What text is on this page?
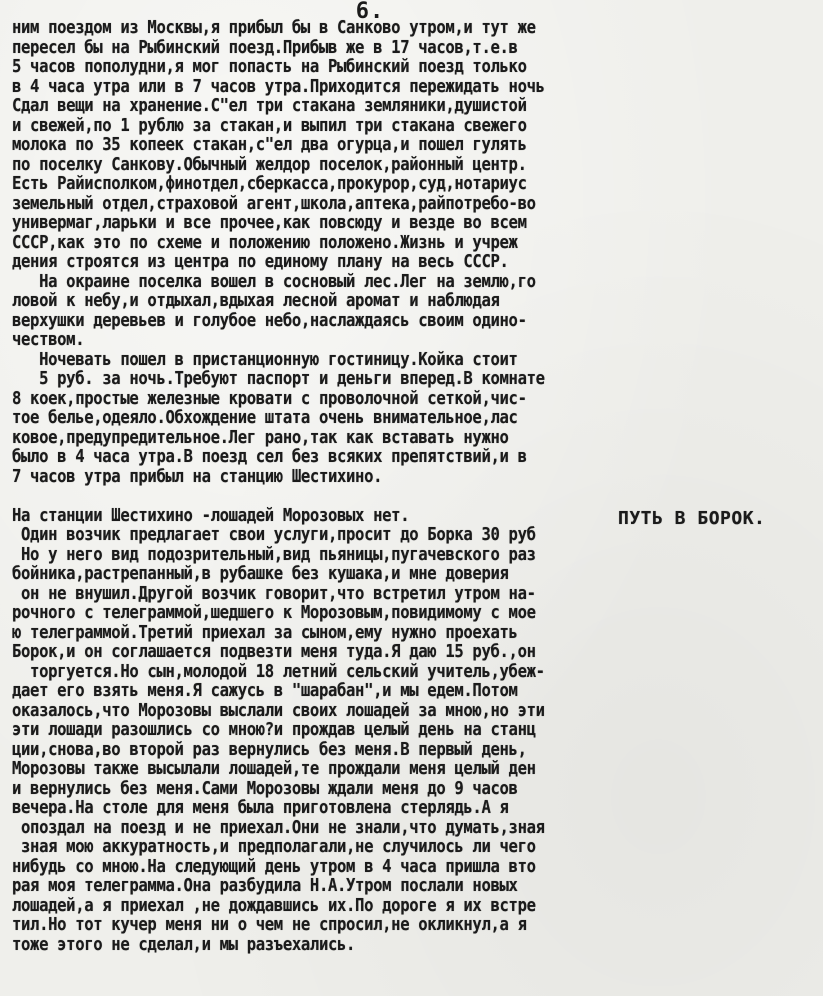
6.
ним поездом из Москвы,я прибыл бы в Санково утром,и тут же
пересел бы на Рыбинский поезд.Прибыв же в 17 часов,т.е.в
5 часов пополудни,я мог попасть на Рыбинский поезд только
в 4 часа утра или в 7 часов утра.Приходится пережидать ночь
Сдал вещи на хранение.С"ел три стакана земляники,душистой
и свежей,по 1 рублю за стакан,и выпил три стакана свежего
молока по 35 копеек стакан,с"ел два огурца,и пошел гулять
по поселку Санкову.Обычный желдор поселок,районный центр.
Есть Райисполком,финотдел,сберкасса,прокурор,суд,нотариус
земельный отдел,страховой агент,школа,аптека,райпотребо-во
универмаг,ларьки и все прочее,как повсюду и везде во всем
СССР,как это по схеме и положению положено.Жизнь и учреж
дения строятся из центра по единому плану на весь СССР.
На окраине поселка вошел в сосновый лес.Лег на землю,го
ловой к небу,и отдыхал,вдыхая лесной аромат и наблюдая
верхушки деревьев и голубое небо,наслаждаясь своим одино-
чеством.
Ночевать пошел в пристанционную гостиницу.Койка стоит
5 руб. за ночь.Требуют паспорт и деньги вперед.В комнате
8 коек,простые железные кровати с проволочной сеткой,чис-
тое белье,одеяло.Обхождение штата очень внимательное,лас
ковое,предупредительное.Лег рано,так как вставать нужно
было в 4 часа утра.В поезд сел без всяких препятствий,и в
7 часов утра прибыл на станцию Шестихино.
На станции Шестихино -лошадей Морозовых нет.
Один возчик предлагает свои услуги,просит до Борка 30 руб
Но у него вид подозрительный,вид пьяницы,пугачевского раз
бойника,растрепанный,в рубашке без кушака,и мне доверия
он не внушил.Другой возчик говорит,что встретил утром на-
рочного с телеграммой,шедшего к Морозовым,повидимому с мое
ю телеграммой.Третий приехал за сыном,ему нужно проехать
Борок,и он соглашается подвезти меня туда.Я даю 15 руб.,он
торгуется.Но сын,молодой 18 летний сельский учитель,убеж-
дает его взять меня.Я сажусь в "шарабан",и мы едем.Потом
оказалось,что Морозовы выслали своих лошадей за мною,но эти
эти лошади разошлись со мною?и прождав целый день на станц
ции,снова,во второй раз вернулись без меня.В первый день,
Морозовы также высылали лошадей,те прождали меня целый ден
и вернулись без меня.Сами Морозовы ждали меня до 9 часов
вечера.На столе для меня была приготовлена стерлядь.А я
опоздал на поезд и не приехал.Они не знали,что думать,зная
зная мою аккуратность,и предполагали,не случилось ли чего
нибудь со мною.На следующий день утром в 4 часа пришла вто
рая моя телеграмма.Она разбудила Н.А.Утром послали новых
лошадей,а я приехал ,не дождавшись их.По дороге я их встре
тил.Но тот кучер меня ни о чем не спросил,не окликнул,а я
тоже этого не сделал,и мы разъехались.
ПУТЬ В БОРОК.
